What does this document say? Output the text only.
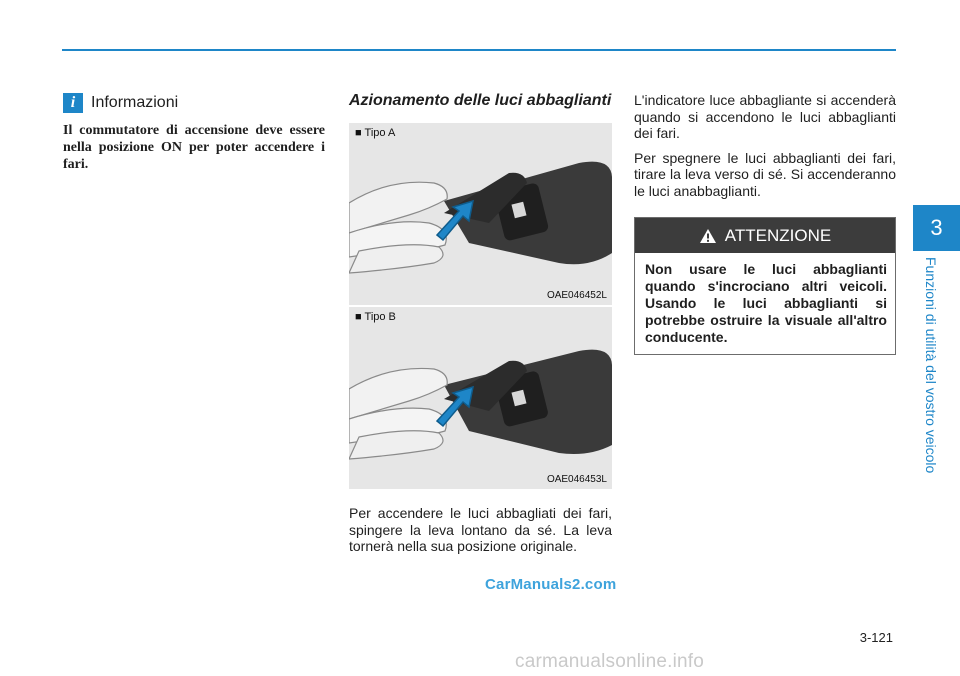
3
Funzioni di utilità del vostro veicolo
i Informazioni

Il commutatore di accensione deve essere nella posizione ON per poter accendere i fari.

Azionamento delle luci abbaglianti
■ Tipo A
OAE046452L
■ Tipo B
OAE046453L

Per accendere le luci abbagliati dei fari, spingere la leva lontano da sé. La leva tornerà nella sua posizione originale.

CarManuals2.com

L'indicatore luce abbagliante si accenderà quando si accendono le luci abbaglianti dei fari.

Per spegnere le luci abbaglianti dei fari, tirare la leva verso di sé. Si accenderanno le luci anabbaglianti.

ATTENZIONE
Non usare le luci abbaglianti quando s'incrociano altri veicoli. Usando le luci abbaglianti si potrebbe ostruire la visuale all'altro conducente.
3-121
carmanualsonline.info
